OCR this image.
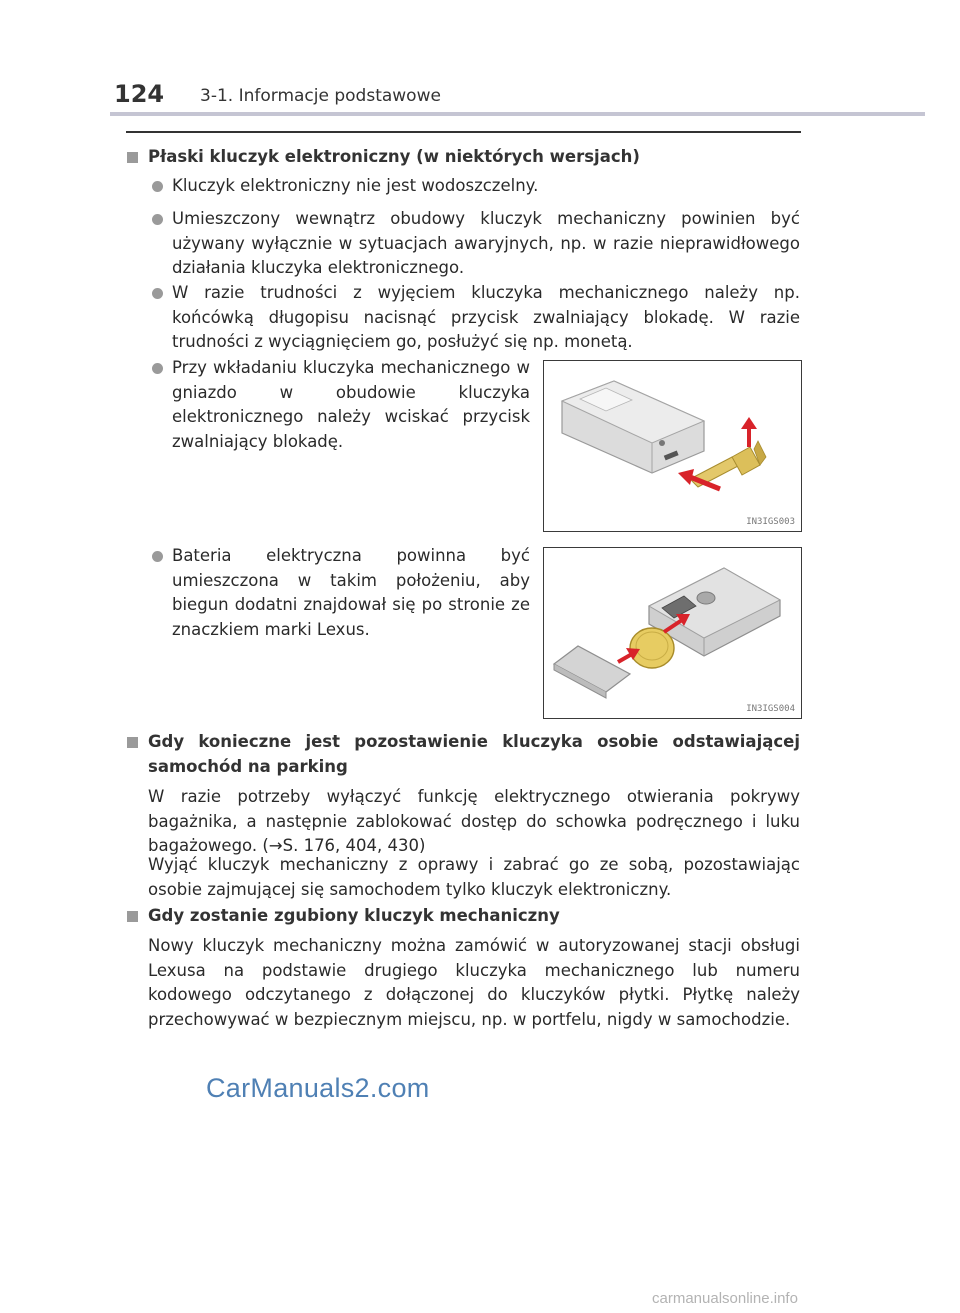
124 3-1. Informacje podstawowe
Płaski kluczyk elektroniczny (w niektórych wersjach)
Kluczyk elektroniczny nie jest wodoszczelny.
Umieszczony wewnątrz obudowy kluczyk mechaniczny powinien być używany wyłącznie w sytuacjach awaryjnych, np. w razie nieprawidłowego działania kluczyka elektronicznego.
W razie trudności z wyjęciem kluczyka mechanicznego należy np. końcówką długopisu nacisnąć przycisk zwalniający blokadę. W razie trudności z wyciągnięciem go, posłużyć się np. monetą.
Przy wkładaniu kluczyka mechanicznego w gniazdo w obudowie kluczyka elektronicznego należy wciskać przycisk zwalniający blokadę.
IN3IGS003
Bateria elektryczna powinna być umieszczona w takim położeniu, aby biegun dodatni znajdował się po stronie ze znaczkiem marki Lexus.
IN3IGS004
Gdy konieczne jest pozostawienie kluczyka osobie odstawiającej samochód na parking
W razie potrzeby wyłączyć funkcję elektrycznego otwierania pokrywy bagażnika, a następnie zablokować dostęp do schowka podręcznego i luku bagażowego. (→S. 176, 404, 430)
Wyjąć kluczyk mechaniczny z oprawy i zabrać go ze sobą, pozostawiając osobie zajmującej się samochodem tylko kluczyk elektroniczny.
Gdy zostanie zgubiony kluczyk mechaniczny
Nowy kluczyk mechaniczny można zamówić w autoryzowanej stacji obsługi Lexusa na podstawie drugiego kluczyka mechanicznego lub numeru kodowego odczytanego z dołączonej do kluczyków płytki. Płytkę należy przechowywać w bezpiecznym miejscu, np. w portfelu, nigdy w samochodzie.
CarManuals2.com
carmanualsonline.info
